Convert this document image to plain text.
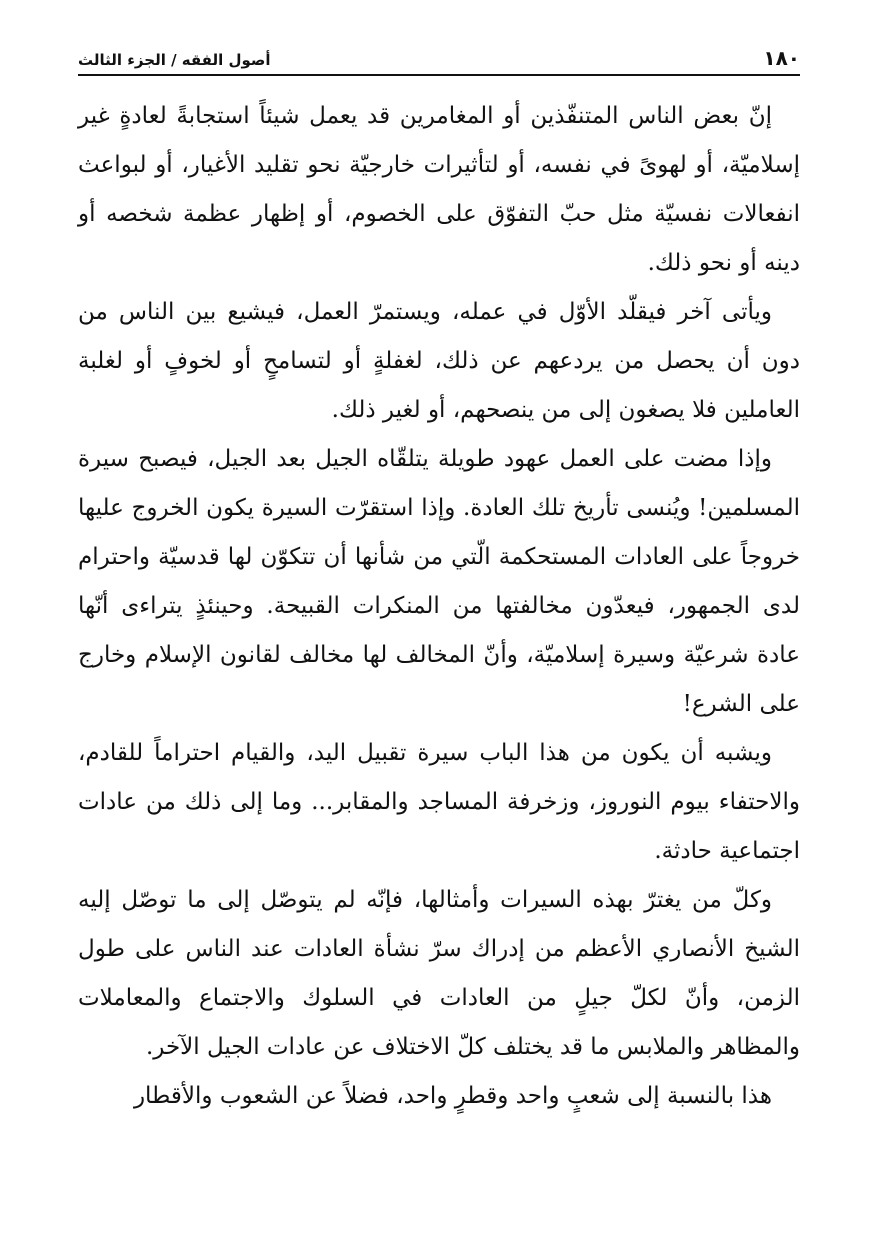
١٨٠
أصول الفقه / الجزء الثالث

إنّ بعض الناس المتنفّذين أو المغامرين قد يعمل شيئاً استجابةً لعادةٍ غير إسلاميّة، أو لهوىً في نفسه، أو لتأثيرات خارجيّة نحو تقليد الأغيار، أو لبواعث انفعالات نفسيّة مثل حبّ التفوّق على الخصوم، أو إظهار عظمة شخصه أو دينه أو نحو ذلك.

ويأتى آخر فيقلّد الأوّل في عمله، ويستمرّ العمل، فيشيع بين الناس من دون أن يحصل من يردعهم عن ذلك، لغفلةٍ أو لتسامحٍ أو لخوفٍ أو لغلبة العاملين فلا يصغون إلى من ينصحهم، أو لغير ذلك.

وإذا مضت على العمل عهود طويلة يتلقّاه الجيل بعد الجيل، فيصبح سيرة المسلمين! ويُنسى تأريخ تلك العادة. وإذا استقرّت السيرة يكون الخروج عليها خروجاً على العادات المستحكمة الّتي من شأنها أن تتكوّن لها قدسيّة واحترام لدى الجمهور، فيعدّون مخالفتها من المنكرات القبيحة. وحينئذٍ يتراءى أنّها عادة شرعيّة وسيرة إسلاميّة، وأنّ المخالف لها مخالف لقانون الإسلام وخارج على الشرع!

ويشبه أن يكون من هذا الباب سيرة تقبيل اليد، والقيام احتراماً للقادم، والاحتفاء بيوم النوروز، وزخرفة المساجد والمقابر... وما إلى ذلك من عادات اجتماعية حادثة.

وكلّ من يغترّ بهذه السيرات وأمثالها، فإنّه لم يتوصّل إلى ما توصّل إليه الشيخ الأنصاري الأعظم من إدراك سرّ نشأة العادات عند الناس على طول الزمن، وأنّ لكلّ جيلٍ من العادات في السلوك والاجتماع والمعاملات والمظاهر والملابس ما قد يختلف كلّ الاختلاف عن عادات الجيل الآخر.

هذا بالنسبة إلى شعبٍ واحد وقطرٍ واحد، فضلاً عن الشعوب والأقطار
